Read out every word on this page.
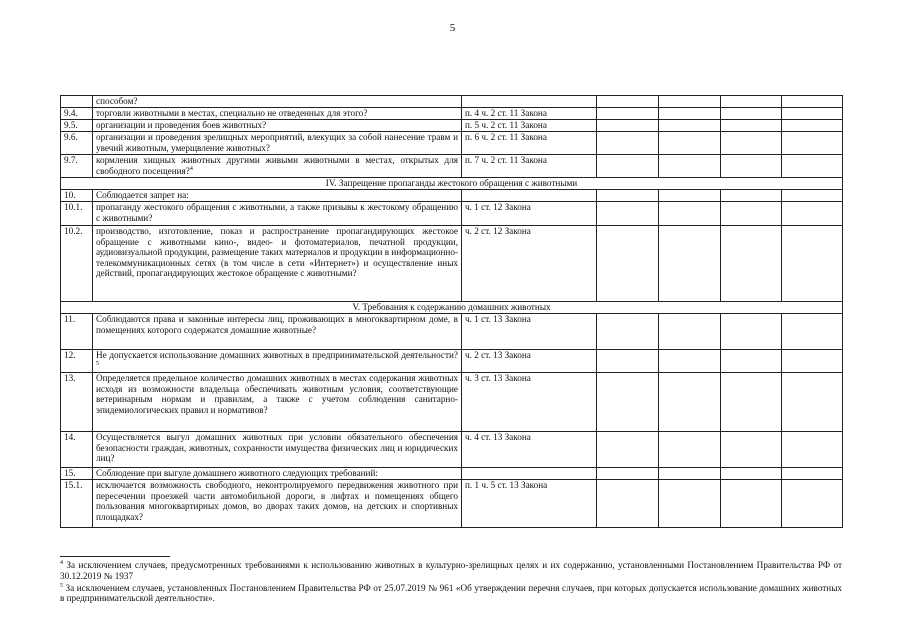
5
	способом?					
9.4.	торговли животными в местах, специально не отведенных для этого?	п. 4 ч. 2 ст. 11 Закона				
9.5.	организации и проведения боев животных?	п. 5 ч. 2 ст. 11 Закона				
9.6.	организации и проведения зрелищных мероприятий, влекущих за собой нанесение травм и увечий животным, умерщвление животных?	п. 6 ч. 2 ст. 11 Закона				
9.7.	кормления хищных животных другими живыми животными в местах, открытых для свободного посещения?$^4$	п. 7 ч. 2 ст. 11 Закона				
IV. Запрещение пропаганды жестокого обращения с животными						
10.	Соблюдается запрет на:					
10.1.	пропаганду жестокого обращения с животными, а также призывы к жестокому обращению с животными?	ч. 1 ст. 12 Закона				
10.2.	производство, изготовление, показ и распространение пропагандирующих жестокое обращение с животными кино-, видео- и фотоматериалов, печатной продукции, аудиовизуальной продукции, размещение таких материалов и продукции в информационно-телекоммуникационных сетях (в том числе в сети «Интернет») и осуществление иных действий, пропагандирующих жестокое обращение с животными?	ч. 2 ст. 12 Закона				
V. Требования к содержанию домашних животных						
11.	Соблюдаются права и законные интересы лиц, проживающих в многоквартирном доме, в помещениях которого содержатся домашние животные?	ч. 1 ст. 13 Закона				
12.	Не допускается использование домашних животных в предпринимательской деятельности?$^5$	ч. 2 ст. 13 Закона				
13.	Определяется предельное количество домашних животных в местах содержания животных исходя из возможности владельца обеспечивать животным условия, соответствующие ветеринарным нормам и правилам, а также с учетом соблюдения санитарно-эпидемиологических правил и нормативов?	ч. 3 ст. 13 Закона				
14.	Осуществляется выгул домашних животных при условии обязательного обеспечения безопасности граждан, животных, сохранности имущества физических лиц и юридических лиц?	ч. 4 ст. 13 Закона				
15.	Соблюдение при выгуле домашнего животного следующих требований:					
15.1.	исключается возможность свободного, неконтролируемого передвижения животного при пересечении проезжей части автомобильной дороги, в лифтах и помещениях общего пользования многоквартирных домов, во дворах таких домов, на детских и спортивных площадках?	п. 1 ч. 5 ст. 13 Закона				

$^4$ За исключением случаев, предусмотренных требованиями к использованию животных в культурно-зрелищных целях и их содержанию, установленными Постановлением Правительства РФ от 30.12.2019 № 1937

$^5$ За исключением случаев, установленных Постановлением Правительства РФ от 25.07.2019 № 961 «Об утверждении перечня случаев, при которых допускается использование домашних животных в предпринимательской деятельности».
